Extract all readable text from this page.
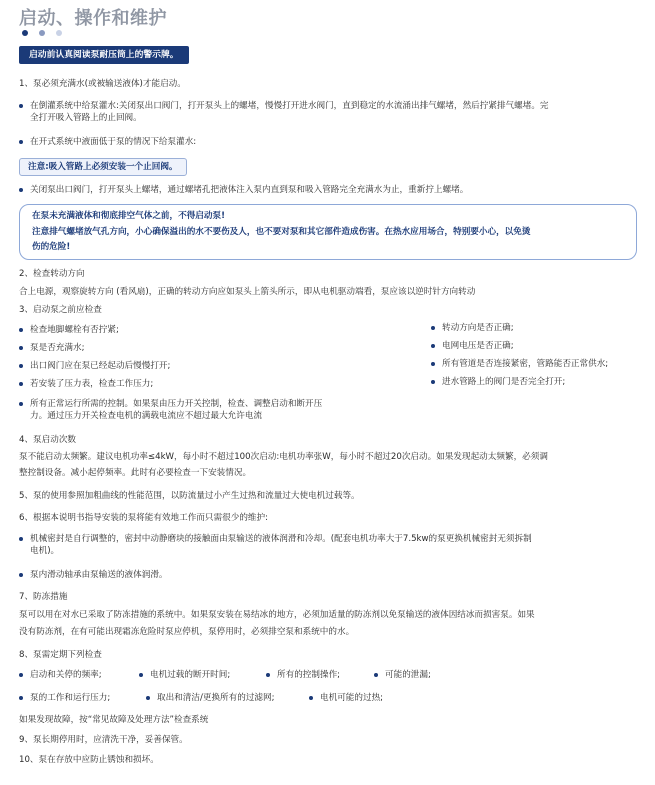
启动、操作和维护
启动前认真阅读泵耐压筒上的警示牌。
1、泵必须充满水(或被输送液体)才能启动。
在倒灌系统中给泵灌水:关闭泵出口阀门，打开泵头上的螺堵，慢慢打开进水阀门，直到稳定的水流涌出排气螺堵，然后拧紧排气螺堵。完
全打开吸入管路上的止回阀。
在开式系统中液面低于泵的情况下给泵灌水:
注意:吸入管路上必须安装一个止回阀。
关闭泵出口阀门，打开泵头上螺堵，通过螺堵孔把液体注入泵内直到泵和吸入管路完全充满水为止，重新拧上螺堵。
在泵未充满液体和彻底排空气体之前，不得启动泵!
注意排气螺堵放气孔方向，小心确保溢出的水不要伤及人，也不要对泵和其它部件造成伤害。在热水应用场合，特别要小心，以免烫
伤的危险!
2、检查转动方向
合上电源，观察旋转方向 (看风扇)，正确的转动方向应如泵头上箭头所示，即从电机驱动端看，泵应该以逆时针方向转动
3、启动泵之前应检查
检查地脚螺栓有否拧紧;
泵是否充满水;
出口阀门应在泵已经起动后慢慢打开;
若安装了压力表，检查工作压力;
所有正常运行所需的控制。如果泵由压力开关控制，检查、调整启动和断开压
力。通过压力开关检查电机的满载电流应不超过最大允许电流
转动方向是否正确;
电网电压是否正确;
所有管道是否连接紧密，管路能否正常供水;
进水管路上的阀门是否完全打开;
4、泵启动次数
泵不能启动太频繁。建议电机功率≤4kW，每小时不超过100次启动:电机功率张W，每小时不超过20次启动。如果发现起动太频繁，必须调
整控制设备。减小起停频率。此时有必要检查一下安装情况。
5、泵的使用参照加粗曲线的性能范围，以防流量过小产生过热和流量过大使电机过载等。
6、根据本说明书指导安装的泵将能有效地工作而只需很少的维护:
机械密封是自行调整的，密封中动静磨块的接触面由泵输送的液体润滑和冷却。(配套电机功率大于7.5kw的泵更换机械密封无须拆制
电机)。
泵内滑动轴承由泵输送的液体润滑。
7、防冻措施
泵可以用在对水已采取了防冻措施的系统中。如果泵安装在易结冰的地方，必须加适量的防冻剂以免泵输送的液体因结冰而损害泵。如果
没有防冻剂，在有可能出现霜冻危险时泵应停机，泵停用时，必须排空泵和系统中的水。
8、泵需定期下列检查
启动和关停的频率;	电机过载的断开时间;	所有的控制操作;	可能的泄漏;
泵的工作和运行压力;	取出和清洁/更换所有的过滤网;	电机可能的过热;
如果发现故障，按“常见故障及处理方法”检查系统
9、泵长期停用时，应清洗干净，妥善保管。
10、泵在存放中应防止锈蚀和损坏。
